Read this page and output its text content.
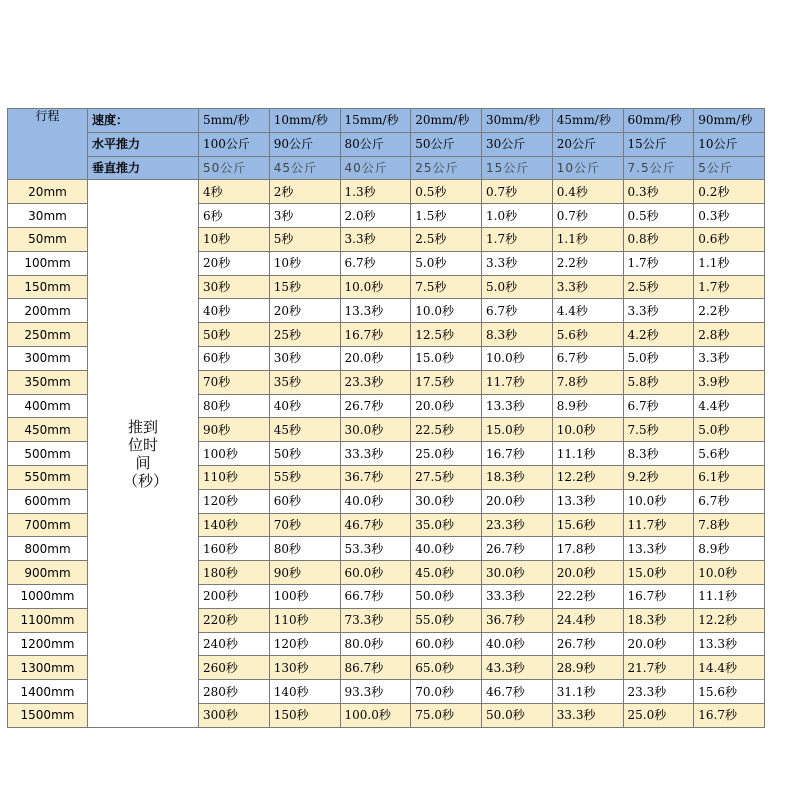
行程	速度：	5mm/秒	10mm/秒	15mm/秒	20mm/秒	30mm/秒	45mm/秒	60mm/秒	90mm/秒
	水平推力	100公斤	90公斤	80公斤	50公斤	30公斤	20公斤	15公斤	10公斤
	垂直推力	50公斤	45公斤	40公斤	25公斤	15公斤	10公斤	7.5公斤	5公斤
20mm	推到位时间（秒）	4秒	2秒	1.3秒	0.5秒	0.7秒	0.4秒	0.3秒	0.2秒
30mm		6秒	3秒	2.0秒	1.5秒	1.0秒	0.7秒	0.5秒	0.3秒
50mm		10秒	5秒	3.3秒	2.5秒	1.7秒	1.1秒	0.8秒	0.6秒
100mm		20秒	10秒	6.7秒	5.0秒	3.3秒	2.2秒	1.7秒	1.1秒
150mm		30秒	15秒	10.0秒	7.5秒	5.0秒	3.3秒	2.5秒	1.7秒
200mm		40秒	20秒	13.3秒	10.0秒	6.7秒	4.4秒	3.3秒	2.2秒
250mm		50秒	25秒	16.7秒	12.5秒	8.3秒	5.6秒	4.2秒	2.8秒
300mm		60秒	30秒	20.0秒	15.0秒	10.0秒	6.7秒	5.0秒	3.3秒
350mm		70秒	35秒	23.3秒	17.5秒	11.7秒	7.8秒	5.8秒	3.9秒
400mm		80秒	40秒	26.7秒	20.0秒	13.3秒	8.9秒	6.7秒	4.4秒
450mm		90秒	45秒	30.0秒	22.5秒	15.0秒	10.0秒	7.5秒	5.0秒
500mm		100秒	50秒	33.3秒	25.0秒	16.7秒	11.1秒	8.3秒	5.6秒
550mm		110秒	55秒	36.7秒	27.5秒	18.3秒	12.2秒	9.2秒	6.1秒
600mm		120秒	60秒	40.0秒	30.0秒	20.0秒	13.3秒	10.0秒	6.7秒
700mm		140秒	70秒	46.7秒	35.0秒	23.3秒	15.6秒	11.7秒	7.8秒
800mm		160秒	80秒	53.3秒	40.0秒	26.7秒	17.8秒	13.3秒	8.9秒
900mm		180秒	90秒	60.0秒	45.0秒	30.0秒	20.0秒	15.0秒	10.0秒
1000mm		200秒	100秒	66.7秒	50.0秒	33.3秒	22.2秒	16.7秒	11.1秒
1100mm		220秒	110秒	73.3秒	55.0秒	36.7秒	24.4秒	18.3秒	12.2秒
1200mm		240秒	120秒	80.0秒	60.0秒	40.0秒	26.7秒	20.0秒	13.3秒
1300mm		260秒	130秒	86.7秒	65.0秒	43.3秒	28.9秒	21.7秒	14.4秒
1400mm		280秒	140秒	93.3秒	70.0秒	46.7秒	31.1秒	23.3秒	15.6秒
1500mm		300秒	150秒	100.0秒	75.0秒	50.0秒	33.3秒	25.0秒	16.7秒
